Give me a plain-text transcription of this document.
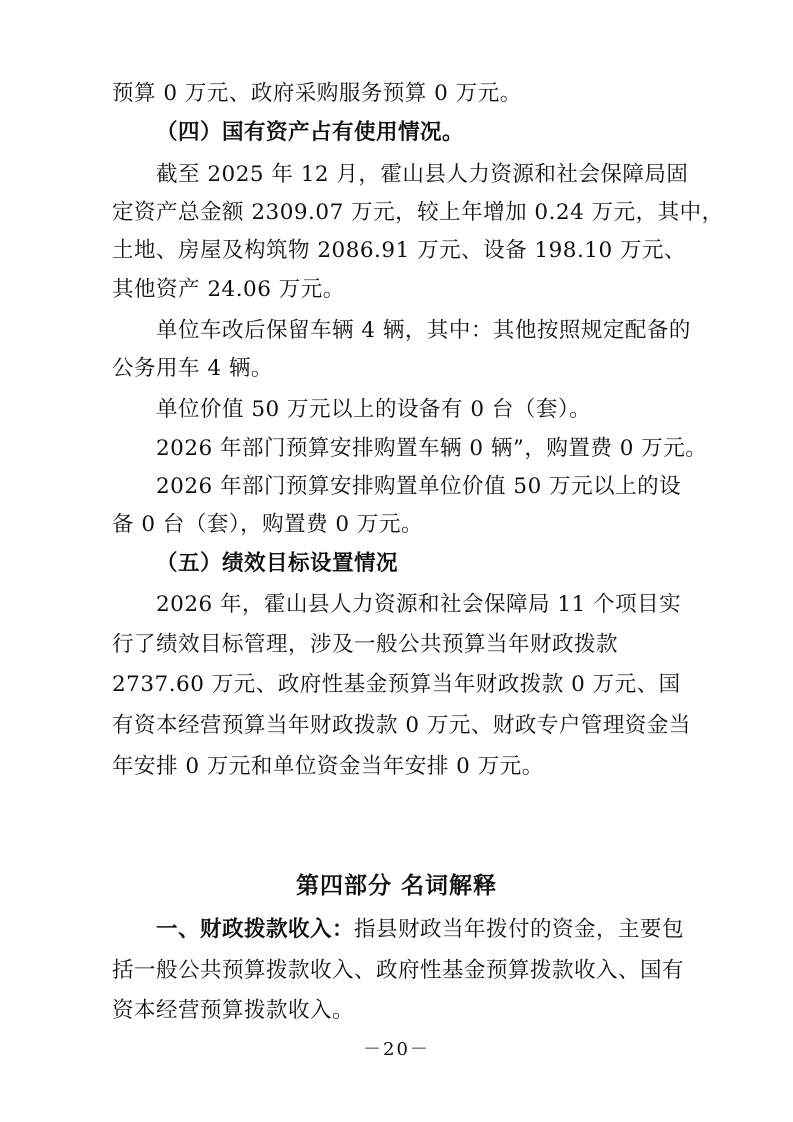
预算 0 万元、政府采购服务预算 0 万元。
（四）国有资产占有使用情况。
截至 2025 年 12 月，霍山县人力资源和社会保障局固
定资产总金额 2309.07 万元，较上年增加 0.24 万元，其中，
土地、房屋及构筑物 2086.91 万元、设备 198.10 万元、
其他资产 24.06 万元。
单位车改后保留车辆 4 辆，其中：其他按照规定配备的
公务用车 4 辆。
单位价值 50 万元以上的设备有 0 台（套）。
2026 年部门预算安排购置车辆 0 辆”，购置费 0 万元。
2026 年部门预算安排购置单位价值 50 万元以上的设
备 0 台（套），购置费 0 万元。
（五）绩效目标设置情况
2026 年，霍山县人力资源和社会保障局 11 个项目实
行了绩效目标管理，涉及一般公共预算当年财政拨款
2737.60 万元、政府性基金预算当年财政拨款 0 万元、国
有资本经营预算当年财政拨款 0 万元、财政专户管理资金当
年安排 0 万元和单位资金当年安排 0 万元。
第四部分 名词解释
一、财政拨款收入：指县财政当年拨付的资金，主要包
括一般公共预算拨款收入、政府性基金预算拨款收入、国有
资本经营预算拨款收入。
－20－
